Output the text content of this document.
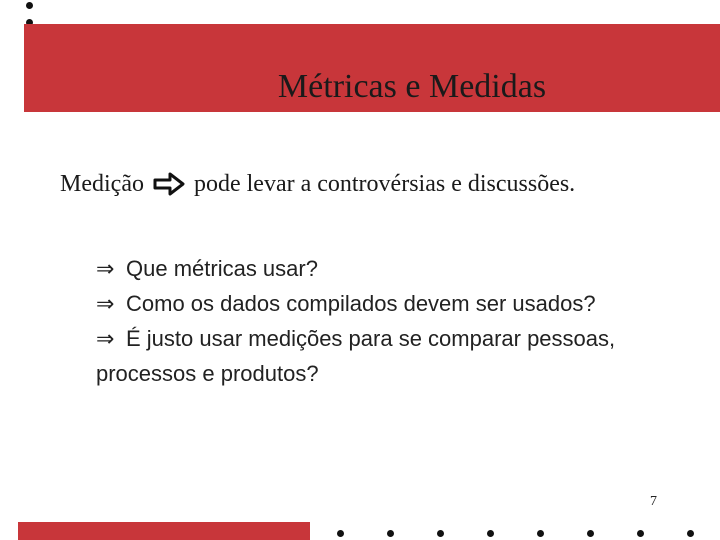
Métricas e Medidas
Medição pode levar a controvérsias e discussões.
⇒ Que métricas usar?
⇒ Como os dados compilados devem ser usados?
⇒ É justo usar medições para se comparar pessoas,
processos e produtos?
7
